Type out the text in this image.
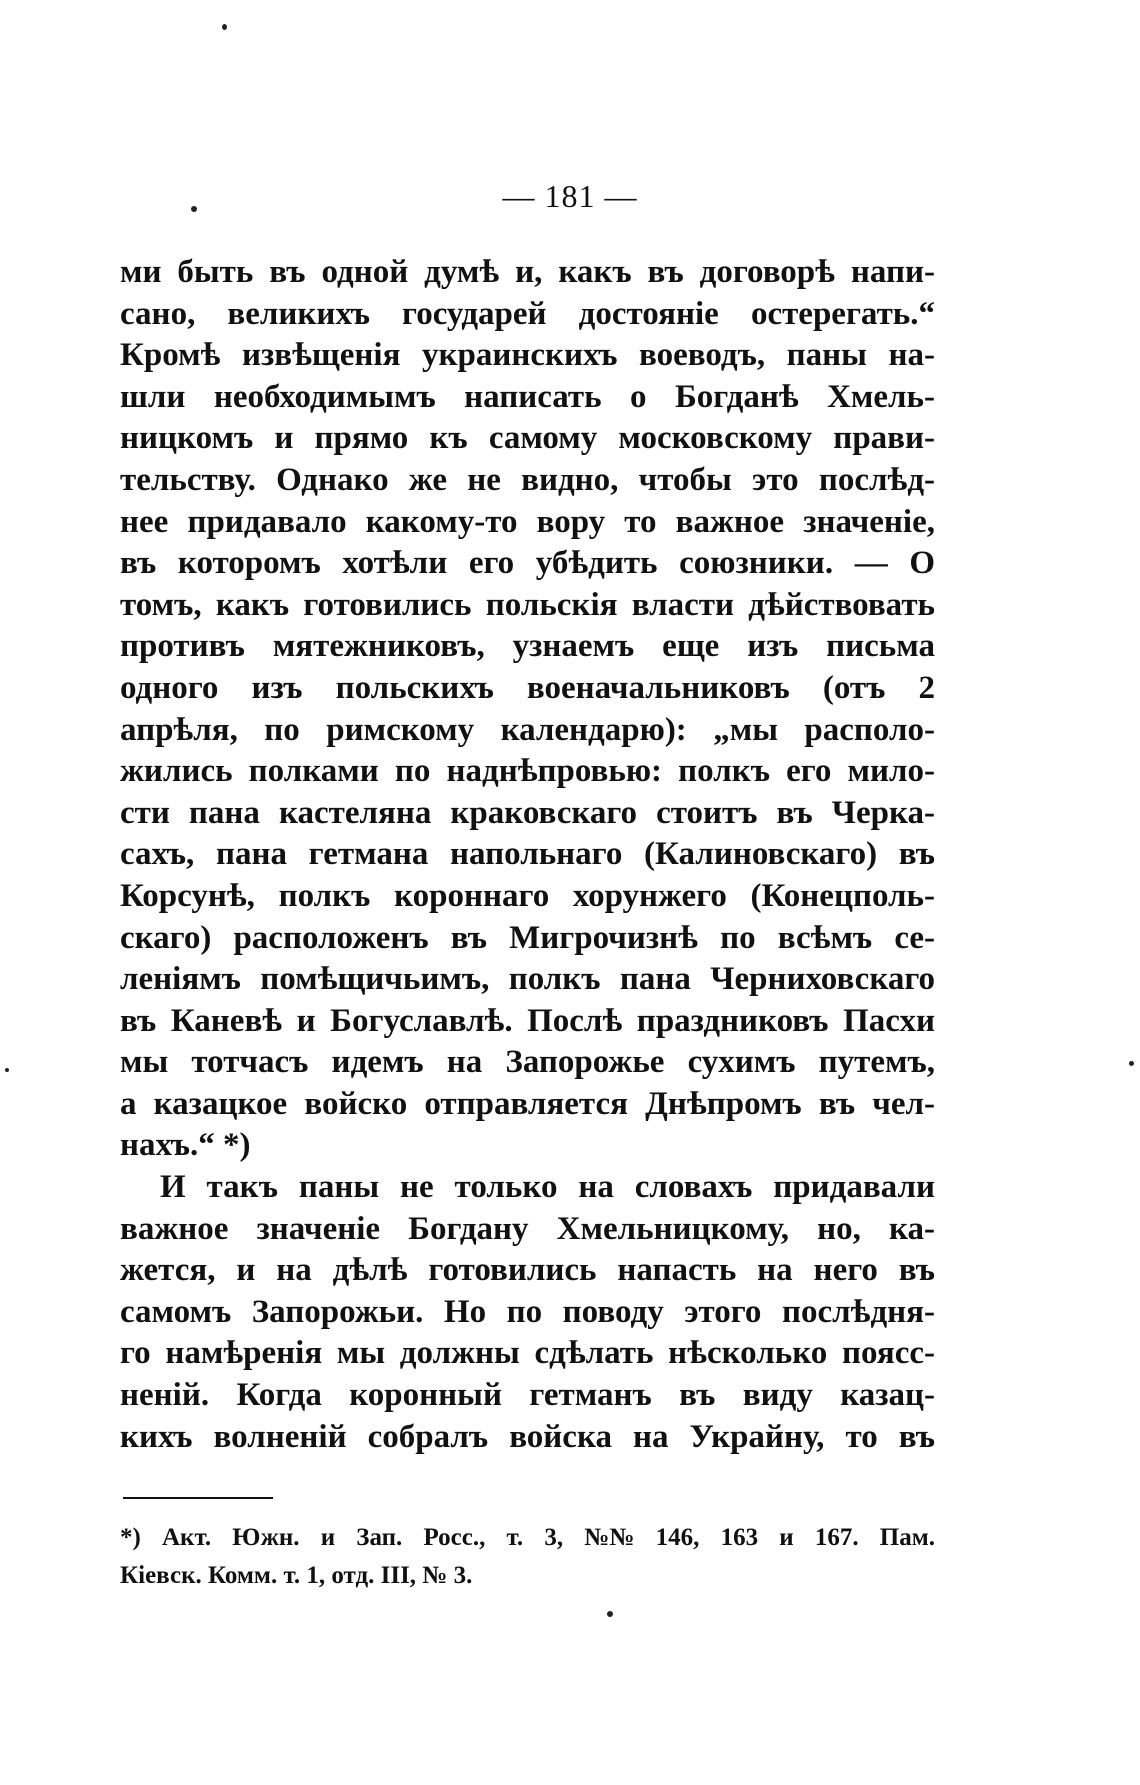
— 181 —
ми быть въ одной думѣ и, какъ въ договорѣ напи-
сано, великихъ государей достояніе остерегать.“
Кромѣ извѣщенія украинскихъ воеводъ, паны на-
шли необходимымъ написать о Богданѣ Хмель-
ницкомъ и прямо къ самому московскому прави-
тельству. Однако же не видно, чтобы это послѣд-
нее придавало какому-то вору то важное значеніе,
въ которомъ хотѣли его убѣдить союзники. — О
томъ, какъ готовились польскія власти дѣйствовать
противъ мятежниковъ, узнаемъ еще изъ письма
одного изъ польскихъ военачальниковъ (отъ 2
апрѣля, по римскому календарю): „мы располо-
жились полками по наднѣпровью: полкъ его мило-
сти пана кастеляна краковскаго стоитъ въ Черка-
сахъ, пана гетмана напольнаго (Калиновскаго) въ
Корсунѣ, полкъ короннаго хорунжего (Конецполь-
скаго) расположенъ въ Мигрочизнѣ по всѣмъ се-
леніямъ помѣщичьимъ, полкъ пана Черниховскаго
въ Каневѣ и Богуславлѣ. Послѣ праздниковъ Пасхи
мы тотчасъ идемъ на Запорожье сухимъ путемъ,
а казацкое войско отправляется Днѣпромъ въ чел-
нахъ.“ *)
И такъ паны не только на словахъ придавали
важное значеніе Богдану Хмельницкому, но, ка-
жется, и на дѣлѣ готовились напасть на него въ
самомъ Запорожьи. Но по поводу этого послѣдня-
го намѣренія мы должны сдѣлать нѣсколько поясс-
неній. Когда коронный гетманъ въ виду казац-
кихъ волненій собралъ войска на Украйну, то въ
*) Акт. Южн. и Зап. Росс., т. 3, №№ 146, 163 и 167. Пам.
Кіевск. Комм. т. 1, отд. III, № 3.
